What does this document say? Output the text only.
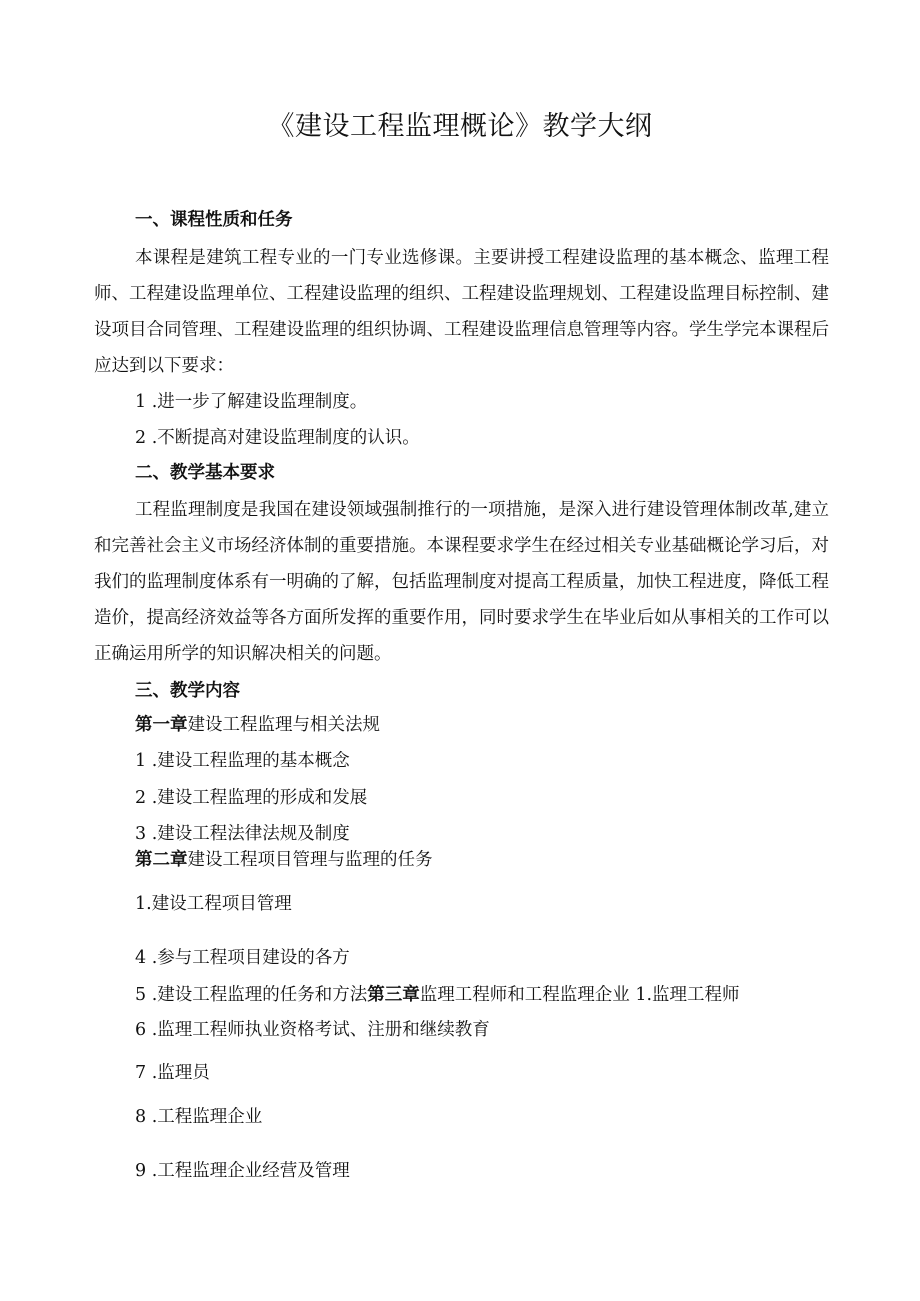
《建设工程监理概论》教学大纲
一、课程性质和任务
本课程是建筑工程专业的一门专业选修课。主要讲授工程建设监理的基本概念、监理工程师、工程建设监理单位、工程建设监理的组织、工程建设监理规划、工程建设监理目标控制、建设项目合同管理、工程建设监理的组织协调、工程建设监理信息管理等内容。学生学完本课程后应达到以下要求：
1 .进一步了解建设监理制度。
2 .不断提高对建设监理制度的认识。
二、教学基本要求
工程监理制度是我国在建设领域强制推行的一项措施，是深入进行建设管理体制改革,建立和完善社会主义市场经济体制的重要措施。本课程要求学生在经过相关专业基础概论学习后，对我们的监理制度体系有一明确的了解，包括监理制度对提高工程质量，加快工程进度，降低工程造价，提高经济效益等各方面所发挥的重要作用，同时要求学生在毕业后如从事相关的工作可以正确运用所学的知识解决相关的问题。
三、教学内容
第一章建设工程监理与相关法规
1 .建设工程监理的基本概念
2 .建设工程监理的形成和发展
3 .建设工程法律法规及制度
第二章建设工程项目管理与监理的任务
1.建设工程项目管理
4 .参与工程项目建设的各方
5 .建设工程监理的任务和方法第三章监理工程师和工程监理企业 1.监理工程师
6 .监理工程师执业资格考试、注册和继续教育
7 .监理员
8 .工程监理企业
9 .工程监理企业经营及管理
